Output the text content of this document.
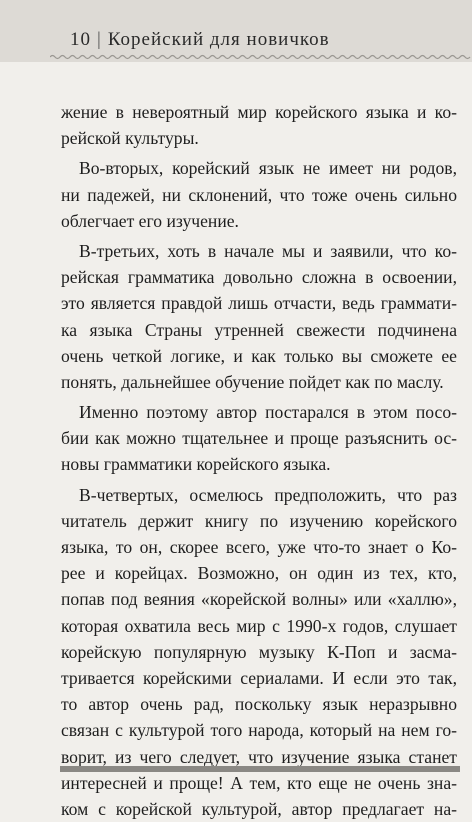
10 | Корейский для новичков
жение в невероятный мир корейского языка и ко-
рейской культуры.
Во-вторых, корейский язык не имеет ни родов,
ни падежей, ни склонений, что тоже очень сильно
облегчает его изучение.
В-третьих, хоть в начале мы и заявили, что ко-
рейская грамматика довольно сложна в освоении,
это является правдой лишь отчасти, ведь граммати-
ка языка Страны утренней свежести подчинена
очень четкой логике, и как только вы сможете ее
понять, дальнейшее обучение пойдет как по маслу.
Именно поэтому автор постарался в этом посо-
бии как можно тщательнее и проще разъяснить ос-
новы грамматики корейского языка.
В-четвертых, осмелюсь предположить, что раз
читатель держит книгу по изучению корейского
языка, то он, скорее всего, уже что-то знает о Ко-
рее и корейцах. Возможно, он один из тех, кто,
попав под веяния «корейской волны» или «халлю»,
которая охватила весь мир с 1990-х годов, слушает
корейскую популярную музыку К-Поп и засма-
тривается корейскими сериалами. И если это так,
то автор очень рад, поскольку язык неразрывно
связан с культурой того народа, который на нем го-
ворит, из чего следует, что изучение языка станет
интересней и проще! А тем, кто еще не очень зна-
ком с корейской культурой, автор предлагает на-
